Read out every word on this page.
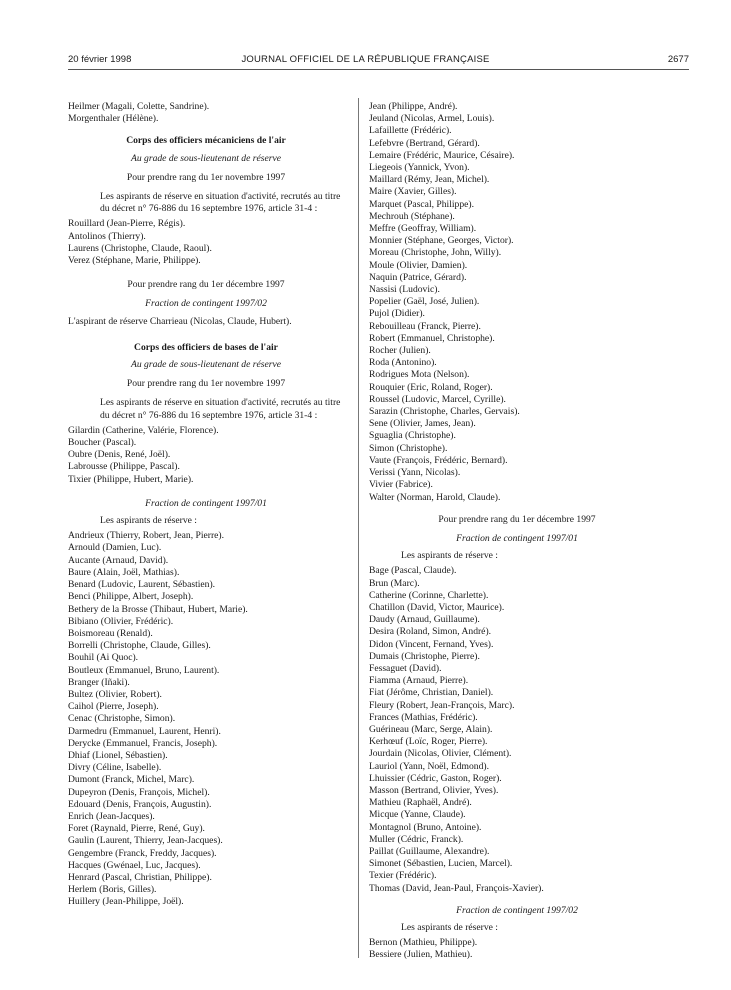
20 février 1998	JOURNAL OFFICIEL DE LA RÉPUBLIQUE FRANÇAISE	2677

Heilmer (Magali, Colette, Sandrine).

Morgenthaler (Hélène).

Corps des officiers mécaniciens de l'air

Au grade de sous-lieutenant de réserve

Pour prendre rang du 1er novembre 1997

Les aspirants de réserve en situation d'activité, recrutés au titre du décret n° 76-886 du 16 septembre 1976, article 31-4 :

Rouillard (Jean-Pierre, Régis).

Antolinos (Thierry).

Laurens (Christophe, Claude, Raoul).

Verez (Stéphane, Marie, Philippe).

Pour prendre rang du 1er décembre 1997

Fraction de contingent 1997/02

L'aspirant de réserve Charrieau (Nicolas, Claude, Hubert).

Corps des officiers de bases de l'air

Au grade de sous-lieutenant de réserve

Pour prendre rang du 1er novembre 1997

Les aspirants de réserve en situation d'activité, recrutés au titre du décret n° 76-886 du 16 septembre 1976, article 31-4 :

Gilardin (Catherine, Valérie, Florence).

Boucher (Pascal).

Oubre (Denis, René, Joël).

Labrousse (Philippe, Pascal).

Tixier (Philippe, Hubert, Marie).

Fraction de contingent 1997/01

Les aspirants de réserve :

Andrieux (Thierry, Robert, Jean, Pierre).

Arnould (Damien, Luc).

Aucante (Arnaud, David).

Baure (Alain, Joël, Mathias).

Benard (Ludovic, Laurent, Sébastien).

Benci (Philippe, Albert, Joseph).

Bethery de la Brosse (Thibaut, Hubert, Marie).

Bibiano (Olivier, Frédéric).

Boismoreau (Renald).

Borrelli (Christophe, Claude, Gilles).

Bouhil (Ai Quoc).

Boutleux (Emmanuel, Bruno, Laurent).

Branger (Iñaki).

Bultez (Olivier, Robert).

Caihol (Pierre, Joseph).

Cenac (Christophe, Simon).

Darmedru (Emmanuel, Laurent, Henri).

Derycke (Emmanuel, Francis, Joseph).

Dhiaf (Lionel, Sébastien).

Divry (Céline, Isabelle).

Dumont (Franck, Michel, Marc).

Dupeyron (Denis, François, Michel).

Edouard (Denis, François, Augustin).

Enrich (Jean-Jacques).

Foret (Raynald, Pierre, René, Guy).

Gaulin (Laurent, Thierry, Jean-Jacques).

Gengembre (Franck, Freddy, Jacques).

Hacques (Gwénael, Luc, Jacques).

Henrard (Pascal, Christian, Philippe).

Herlem (Boris, Gilles).

Huillery (Jean-Philippe, Joël).

Jean (Philippe, André).

Jeuland (Nicolas, Armel, Louis).

Lafaillette (Frédéric).

Lefebvre (Bertrand, Gérard).

Lemaire (Frédéric, Maurice, Césaire).

Liegeois (Yannick, Yvon).

Maillard (Rémy, Jean, Michel).

Maire (Xavier, Gilles).

Marquet (Pascal, Philippe).

Mechrouh (Stéphane).

Meffre (Geoffray, William).

Monnier (Stéphane, Georges, Victor).

Moreau (Christophe, John, Willy).

Moule (Olivier, Damien).

Naquin (Patrice, Gérard).

Nassisi (Ludovic).

Popelier (Gaël, José, Julien).

Pujol (Didier).

Rebouilleau (Franck, Pierre).

Robert (Emmanuel, Christophe).

Rocher (Julien).

Roda (Antonino).

Rodrigues Mota (Nelson).

Rouquier (Eric, Roland, Roger).

Roussel (Ludovic, Marcel, Cyrille).

Sarazin (Christophe, Charles, Gervais).

Sene (Olivier, James, Jean).

Sguaglia (Christophe).

Simon (Christophe).

Vaute (François, Frédéric, Bernard).

Verissi (Yann, Nicolas).

Vivier (Fabrice).

Walter (Norman, Harold, Claude).

Pour prendre rang du 1er décembre 1997

Fraction de contingent 1997/01

Les aspirants de réserve :

Bage (Pascal, Claude).

Brun (Marc).

Catherine (Corinne, Charlette).

Chatillon (David, Victor, Maurice).

Daudy (Arnaud, Guillaume).

Desira (Roland, Simon, André).

Didon (Vincent, Fernand, Yves).

Dumais (Christophe, Pierre).

Fessaguet (David).

Fiamma (Arnaud, Pierre).

Fiat (Jérôme, Christian, Daniel).

Fleury (Robert, Jean-François, Marc).

Frances (Mathias, Frédéric).

Guérineau (Marc, Serge, Alain).

Kerhœuf (Loïc, Roger, Pierre).

Jourdain (Nicolas, Olivier, Clément).

Lauriol (Yann, Noël, Edmond).

Lhuissier (Cédric, Gaston, Roger).

Masson (Bertrand, Olivier, Yves).

Mathieu (Raphaël, André).

Micque (Yanne, Claude).

Montagnol (Bruno, Antoine).

Muller (Cédric, Franck).

Paillat (Guillaume, Alexandre).

Simonet (Sébastien, Lucien, Marcel).

Texier (Frédéric).

Thomas (David, Jean-Paul, François-Xavier).

Fraction de contingent 1997/02

Les aspirants de réserve :

Bernon (Mathieu, Philippe).

Bessiere (Julien, Mathieu).
